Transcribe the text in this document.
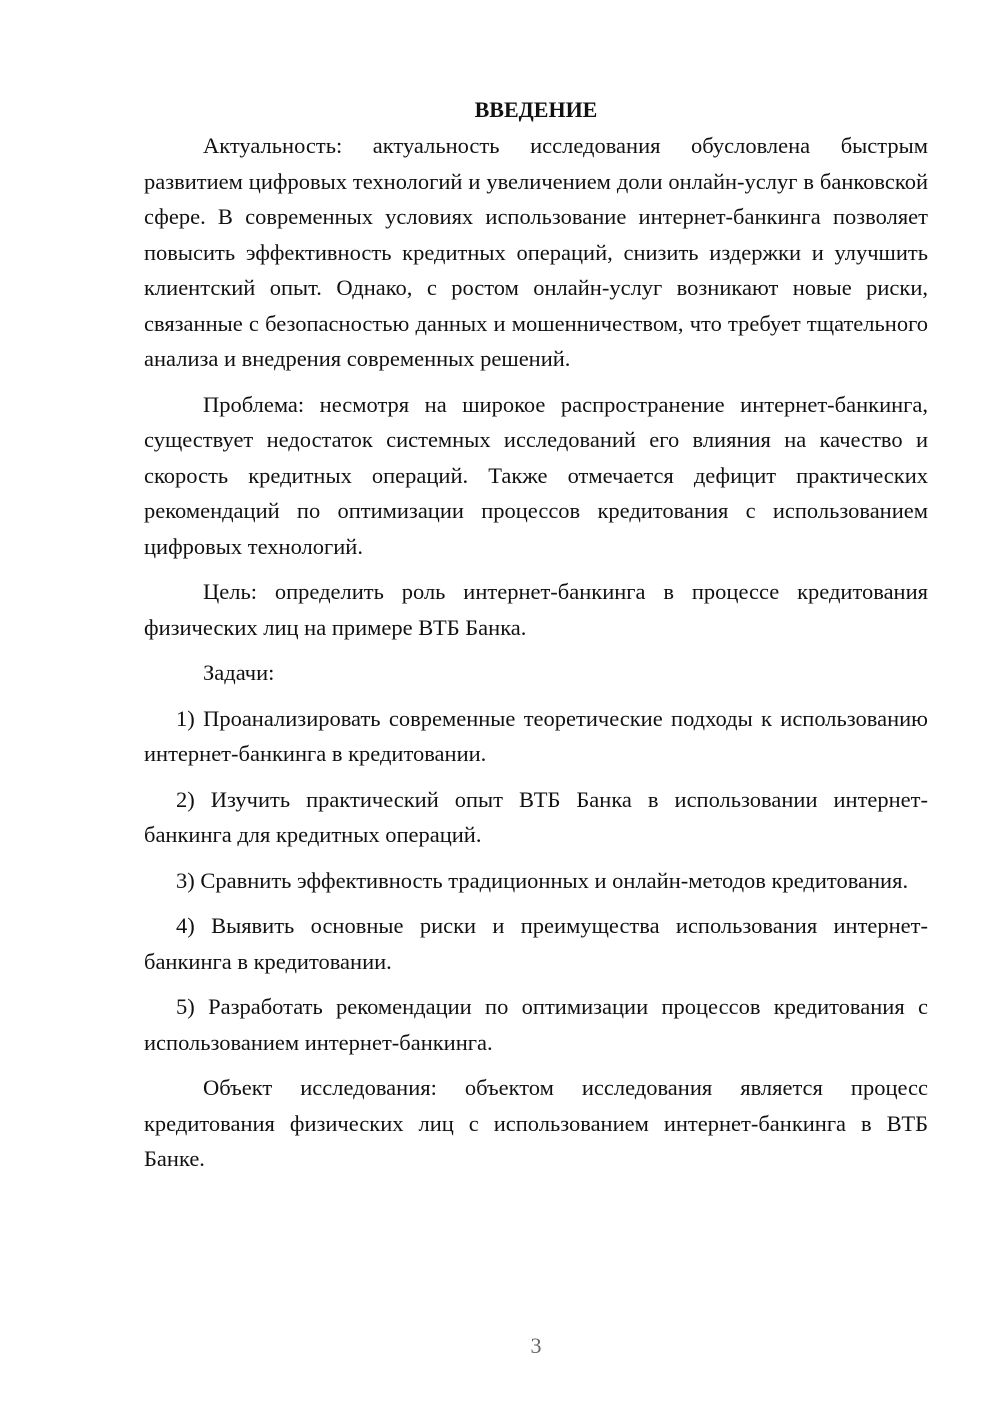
ВВЕДЕНИЕ

Актуальность: актуальность исследования обусловлена быстрым развитием цифровых технологий и увеличением доли онлайн-услуг в банковской сфере. В современных условиях использование интернет-банкинга позволяет повысить эффективность кредитных операций, снизить издержки и улучшить клиентский опыт. Однако, с ростом онлайн-услуг возникают новые риски, связанные с безопасностью данных и мошенничеством, что требует тщательного анализа и внедрения современных решений.

Проблема: несмотря на широкое распространение интернет-банкинга, существует недостаток системных исследований его влияния на качество и скорость кредитных операций. Также отмечается дефицит практических рекомендаций по оптимизации процессов кредитования с использованием цифровых технологий.

Цель: определить роль интернет-банкинга в процессе кредитования физических лиц на примере ВТБ Банка.

Задачи:

1) Проанализировать современные теоретические подходы к использованию интернет-банкинга в кредитовании.

2) Изучить практический опыт ВТБ Банка в использовании интернет-банкинга для кредитных операций.

3) Сравнить эффективность традиционных и онлайн-методов кредитования.

4) Выявить основные риски и преимущества использования интернет-банкинга в кредитовании.

5) Разработать рекомендации по оптимизации процессов кредитования с использованием интернет-банкинга.

Объект исследования: объектом исследования является процесс кредитования физических лиц с использованием интернет-банкинга в ВТБ Банке.

3
